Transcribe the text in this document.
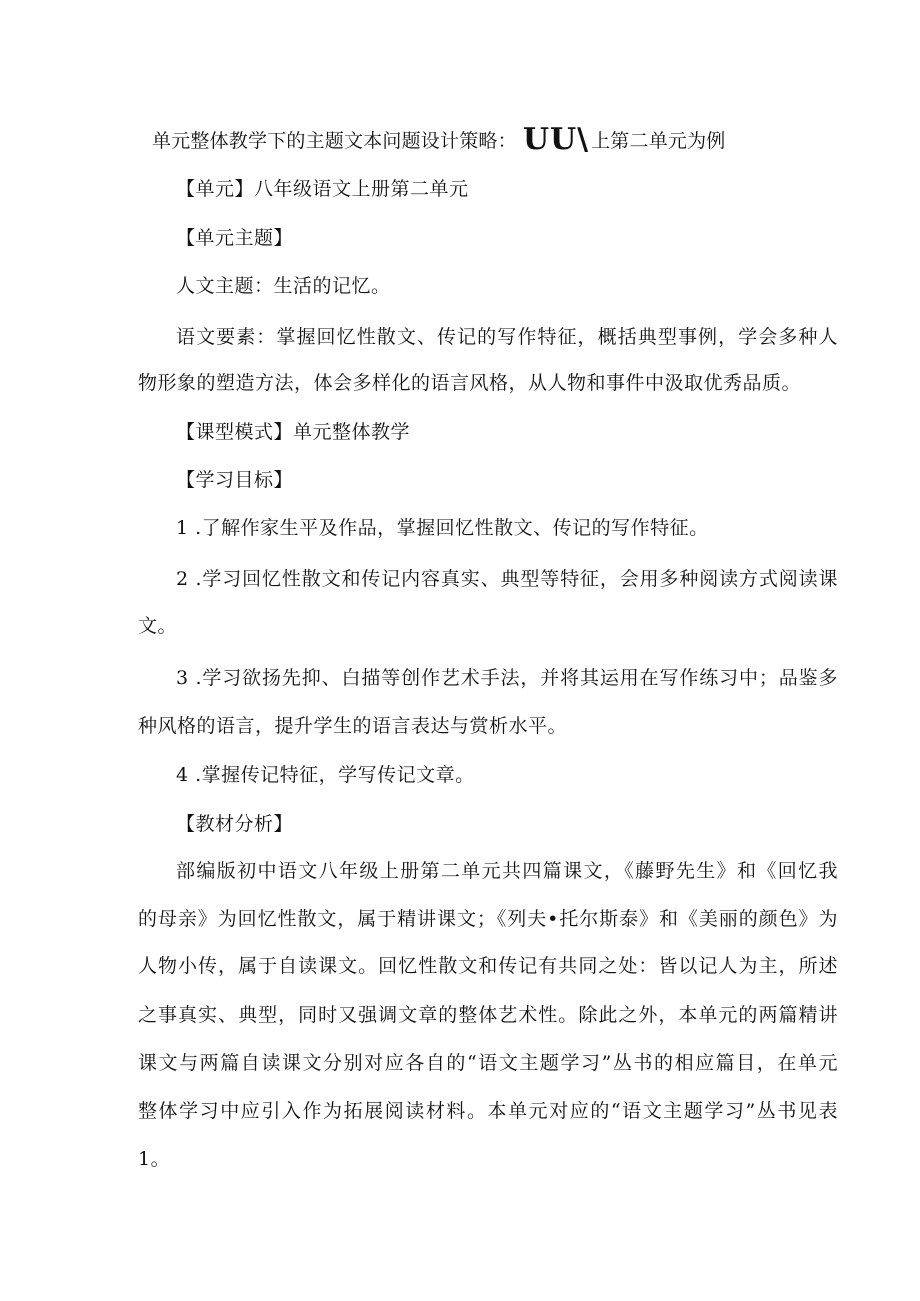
单元整体教学下的主题文本问题设计策略： UU\ 上第二单元为例
【单元】八年级语文上册第二单元
【单元主题】
人文主题：生活的记忆。
语文要素：掌握回忆性散文、传记的写作特征，概括典型事例，学会多种人
物形象的塑造方法，体会多样化的语言风格，从人物和事件中汲取优秀品质。
【课型模式】单元整体教学
【学习目标】
1 .了解作家生平及作品，掌握回忆性散文、传记的写作特征。
2 .学习回忆性散文和传记内容真实、典型等特征，会用多种阅读方式阅读课
文。
3 .学习欲扬先抑、白描等创作艺术手法，并将其运用在写作练习中；品鉴多
种风格的语言，提升学生的语言表达与赏析水平。
4 .掌握传记特征，学写传记文章。
【教材分析】
部编版初中语文八年级上册第二单元共四篇课文，《藤野先生》和《回忆我
的母亲》为回忆性散文，属于精讲课文；《列夫•托尔斯泰》和《美丽的颜色》为
人物小传，属于自读课文。回忆性散文和传记有共同之处：皆以记人为主，所述
之事真实、典型，同时又强调文章的整体艺术性。除此之外，本单元的两篇精讲
课文与两篇自读课文分别对应各自的“语文主题学习”丛书的相应篇目，在单元
整体学习中应引入作为拓展阅读材料。本单元对应的“语文主题学习”丛书见表
1。
